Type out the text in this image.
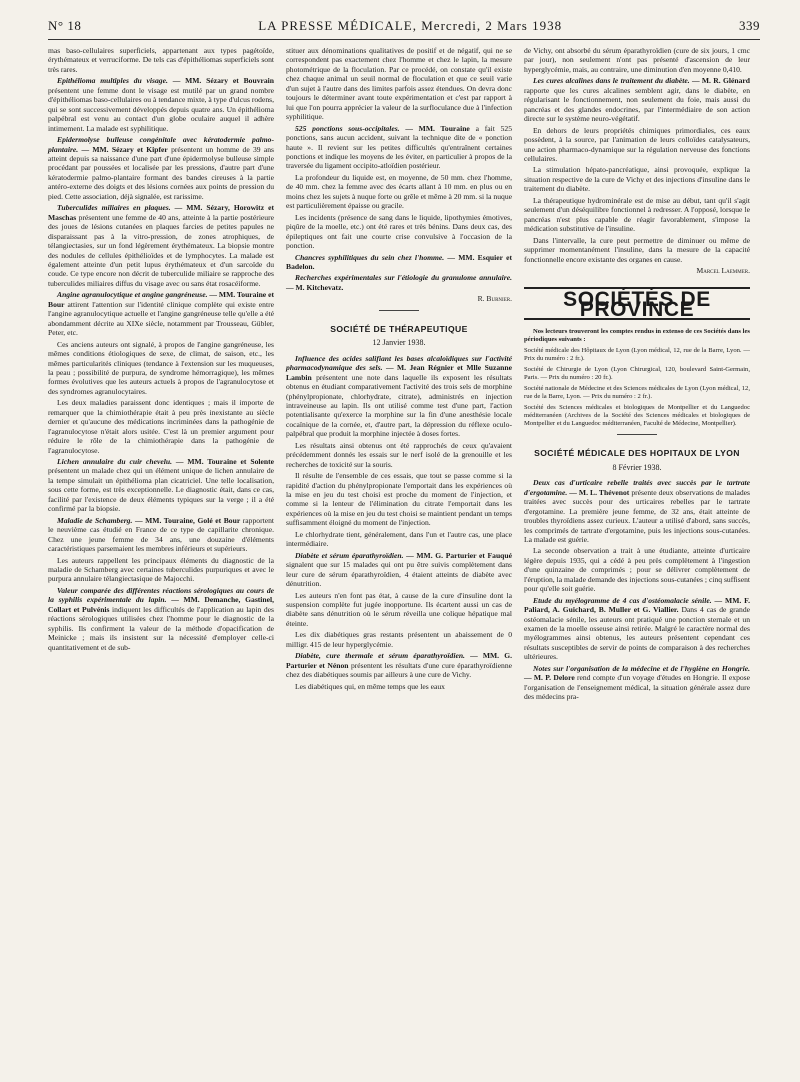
N° 18	LA PRESSE MÉDICALE, Mercredi, 2 Mars 1938	339

mas baso-cellulaires superficiels, appartenant aux types pagétoïde, érythémateux et verruciforme. De tels cas d'épithéliomas superficiels sont très rares.

Epithélioma multiples du visage. — MM. Sézary et Bouvrain présentent une femme dont le visage est mutilé par un grand nombre d'épithéliomas baso-cellulaires ou à tendance mixte, à type d'ulcus rodens, qui se sont successivement développés depuis quatre ans. Un épithélioma palpébral est venu au contact d'un globe oculaire auquel il adhère intimement. La malade est syphilitique.

Epidermolyse bulleuse congénitale avec kératodermie palmo-plantaire. — MM. Sézary et Kipfer présentent un homme de 39 ans atteint depuis sa naissance d'une part d'une épidermolyse bulleuse simple procédant par poussées et localisée par les pressions, d'autre part d'une kératodermie palmo-plantaire formant des bandes cireuses à la partie antéro-externe des doigts et des lésions cornées aux points de pression du pied. Cette association, déjà signalée, est rarissime.

Tuberculides miliaires en plaques. — MM. Sézary, Horowitz et Maschas présentent une femme de 40 ans, atteinte à la partie postérieure des joues de lésions cutanées en plaques farcies de petites papules ne disparaissant pas à la vitro-pression, de zones atrophiques, de télangiectasies, sur un fond légèrement érythémateux. La biopsie montre des nodules de cellules épithélioïdes et de lymphocytes. La malade est également atteinte d'un petit lupus érythémateux et d'un sarcoïde du coude. Ce type encore non décrit de tuberculide miliaire se rapproche des tuberculides miliaires diffus du visage avec ou sans état rosacéiforme.

Angine agranulocytique et angine gangréneuse. — MM. Touraine et Bour attirent l'attention sur l'identité clinique complète qui existe entre l'angine agranulocytique actuelle et l'angine gangréneuse telle qu'elle a été abondamment décrite au XIXe siècle, notamment par Trousseau, Gübler, Peter, etc.

Ces anciens auteurs ont signalé, à propos de l'angine gangréneuse, les mêmes conditions étiologiques de sexe, de climat, de saison, etc., les mêmes particularités cliniques (tendance à l'extension sur les muqueuses, la peau ; possibilité de purpura, de syndrome hémorragique), les mêmes formes évolutives que les auteurs actuels à propos de l'agranulocytose et des syndromes agranulocytaires.

Les deux maladies paraissent donc identiques ; mais il importe de remarquer que la chimiothérapie était à peu près inexistante au siècle dernier et qu'aucune des médications incriminées dans la pathogénie de l'agranulocytose n'était alors usitée. C'est là un premier argument pour réduire le rôle de la chimiothérapie dans la pathogénie de l'agranulocytose.

Lichen annulaire du cuir chevelu. — MM. Touraine et Solente présentent un malade chez qui un élément unique de lichen annulaire de la tempe simulait un épithélioma plan cicatriciel. Une telle localisation, sous cette forme, est très exceptionnelle. Le diagnostic était, dans ce cas, facilité par l'existence de deux éléments typiques sur la verge ; il a été confirmé par la biopsie.

Maladie de Schamberg. — MM. Touraine, Golé et Bour rapportent le neuvième cas étudié en France de ce type de capillarite chronique. Chez une jeune femme de 34 ans, une douzaine d'éléments caractéristiques parsemaient les membres inférieurs et supérieurs.

Les auteurs rappellent les principaux éléments du diagnostic de la maladie de Schamberg avec certaines tuberculides purpuriques et avec le purpura annulaire télangiectasique de Majocchi.

Valeur comparée des différentes réactions sérologiques au cours de la syphilis expérimentale du lapin. — MM. Demanche, Gastinel, Collart et Pulvénis indiquent les difficultés de l'application au lapin des réactions sérologiques utilisées chez l'homme pour le diagnostic de la syphilis. Ils confirment la valeur de la méthode d'opacification de Meinicke ; mais ils insistent sur la nécessité d'employer celle-ci quantitativement et de sub-

stituer aux dénominations qualitatives de positif et de négatif, qui ne se correspondent pas exactement chez l'homme et chez le lapin, la mesure photométrique de la floculation. Par ce procédé, on constate qu'il existe chez chaque animal un seuil normal de floculation et que ce seuil varie d'un sujet à l'autre dans des limites parfois assez étendues. On devra donc toujours le déterminer avant toute expérimentation et c'est par rapport à lui que l'on pourra apprécier la valeur de la surfloculance due à l'infection syphilitique.

525 ponctions sous-occipitales. — MM. Touraine a fait 525 ponctions, sans aucun accident, suivant la technique dite de « ponction haute ». Il revient sur les petites difficultés qu'entraînent certaines ponctions et indique les moyens de les éviter, en particulier à propos de la traversée du ligament occipito-atloïdien postérieur.

La profondeur du liquide est, en moyenne, de 50 mm. chez l'homme, de 40 mm. chez la femme avec des écarts allant à 10 mm. en plus ou en moins chez les sujets à nuque forte ou grêle et même à 20 mm. si la nuque est particulièrement épaisse ou gracile.

Les incidents (présence de sang dans le liquide, lipothymies émotives, piqûre de la moelle, etc.) ont été rares et très bénins. Dans deux cas, des épileptiques ont fait une courte crise convulsive à l'occasion de la ponction.

Chancres syphilitiques du sein chez l'homme. — MM. Esquier et Badelon.

Recherches expérimentales sur l'étiologie du granulome annulaire. — M. Kitchevatz.

R. Burnier.

SOCIÉTÉ DE THÉRAPEUTIQUE
12 Janvier 1938.

Influence des acides salifiant les bases alcaloïdiques sur l'activité pharmacodynamique des sels. — M. Jean Régnier et Mlle Suzanne Lambin présentent une note dans laquelle ils exposent les résultats obtenus en étudiant comparativement l'activité des trois sels de morphine (phénylpropionate, chlorhydrate, citrate), administrés en injection intraveineuse au lapin. Ils ont utilisé comme test d'une part, l'action potentialisante qu'exerce la morphine sur la fin d'une anesthésie locale cocaïnique de la cornée, et, d'autre part, la dépression du réflexe oculo-palpébral que produit la morphine injectée à doses fortes.

Les résultats ainsi obtenus ont été rapprochés de ceux qu'avaient précédemment donnés les essais sur le nerf isolé de la grenouille et les recherches de toxicité sur la souris.

Il résulte de l'ensemble de ces essais, que tout se passe comme si la rapidité d'action du phénylpropionate l'emportait dans les expériences où la mise en jeu du test choisi est proche du moment de l'injection, et comme si la lenteur de l'élimination du citrate l'emportait dans les expériences où la mise en jeu du test choisi se maintient pendant un temps suffisamment éloigné du moment de l'injection.

Le chlorhydrate tient, généralement, dans l'un et l'autre cas, une place intermédiaire.

Diabète et sérum éparathyroïdien. — MM. G. Parturier et Fauqué signalent que sur 15 malades qui ont pu être suivis complètement dans leur cure de sérum éparathyroïdien, 4 étaient atteints de diabète avec dénutrition.

Les auteurs n'en font pas état, à cause de la cure d'insuline dont la suspension complète fut jugée inopportune. Ils écartent aussi un cas de diabète sans dénutrition où le sérum réveilla une colique hépatique mal éteinte.

Les dix diabétiques gras restants présentent un abaissement de 0 milligr. 415 de leur hyperglycémie.

Diabète, cure thermale et sérum éparathyroïdien. — MM. G. Parturier et Nénon présentent les résultats d'une cure éparathyroïdienne chez des diabétiques soumis par ailleurs à une cure de Vichy.

Les diabétiques qui, en même temps que les eaux

de Vichy, ont absorbé du sérum éparathyroïdien (cure de six jours, 1 cmc par jour), non seulement n'ont pas présenté d'ascension de leur hyperglycémie, mais, au contraire, une diminution d'en moyenne 0,410.

Les cures alcalines dans le traitement du diabète. — M. R. Glénard rapporte que les cures alcalines semblent agir, dans le diabète, en régularisant le fonctionnement, non seulement du foie, mais aussi du pancréas et des glandes endocrines, par l'intermédiaire de son action directe sur le système neuro-végétatif.

En dehors de leurs propriétés chimiques primordiales, ces eaux possèdent, à la source, par l'animation de leurs colloïdes catalysateurs, une action pharmaco-dynamique sur la régulation nerveuse des fonctions cellulaires.

La stimulation hépato-pancréatique, ainsi provoquée, explique la situation respective de la cure de Vichy et des injections d'insuline dans le traitement du diabète.

La thérapeutique hydrominérale est de mise au début, tant qu'il s'agit seulement d'un déséquilibre fonctionnel à redresser. A l'opposé, lorsque le pancréas n'est plus capable de réagir favorablement, s'impose la médication substitutive de l'insuline.

Dans l'intervalle, la cure peut permettre de diminuer ou même de supprimer momentanément l'insuline, dans la mesure de la capacité fonctionnelle encore existante des organes en cause.

Marcel Laemmer.

SOCIÉTÉS DE PROVINCE

Nos lecteurs trouveront les comptes rendus in extenso de ces Sociétés dans les périodiques suivants :

Société médicale des Hôpitaux de Lyon (Lyon médical, 12, rue de la Barre, Lyon. — Prix du numéro : 2 fr.).

Société de Chirurgie de Lyon (Lyon Chirurgical, 120, boulevard Saint-Germain, Paris. — Prix du numéro : 20 fr.).

Société nationale de Médecine et des Sciences médicales de Lyon (Lyon médical, 12, rue de la Barre, Lyon. — Prix du numéro : 2 fr.).

Société des Sciences médicales et biologiques de Montpellier et du Languedoc méditerranéen (Archives de la Société des Sciences médicales et biologiques de Montpellier et du Languedoc méditerranéen, Faculté de Médecine, Montpellier).

SOCIÉTÉ MÉDICALE DES HOPITAUX DE LYON
8 Février 1938.

Deux cas d'urticaire rebelle traités avec succès par le tartrate d'ergotamine. — M. L. Thévenot présente deux observations de malades traitées avec succès pour des urticaires rebelles par le tartrate d'ergotamine. La première jeune femme, de 32 ans, était atteinte de troubles thyroïdiens assez curieux. L'auteur a utilisé d'abord, sans succès, les comprimés de tartrate d'ergotamine, puis les injections sous-cutanées. La malade est guérie.

La seconde observation a trait à une étudiante, atteinte d'urticaire légère depuis 1935, qui a cédé à peu près complètement à l'ingestion d'une quinzaine de comprimés ; pour se délivrer complètement de l'éruption, la malade demande des injections sous-cutanées ; cinq suffisent pour qu'elle soit guérie.

Etude du myélogramme de 4 cas d'ostéomalacie sénile. — MM. F. Paliard, A. Guichard, B. Muller et G. Viallier. Dans 4 cas de grande ostéomalacie sénile, les auteurs ont pratiqué une ponction sternale et un examen de la moelle osseuse ainsi retirée. Malgré le caractère normal des myélogrammes ainsi obtenus, les auteurs présentent cependant ces résultats susceptibles de servir de points de comparaison à des recherches ultérieures.

Notes sur l'organisation de la médecine et de l'hygiène en Hongrie. — M. P. Delore rend compte d'un voyage d'études en Hongrie. Il expose l'organisation de l'enseignement médical, la situation générale assez dure des médecins pra-
